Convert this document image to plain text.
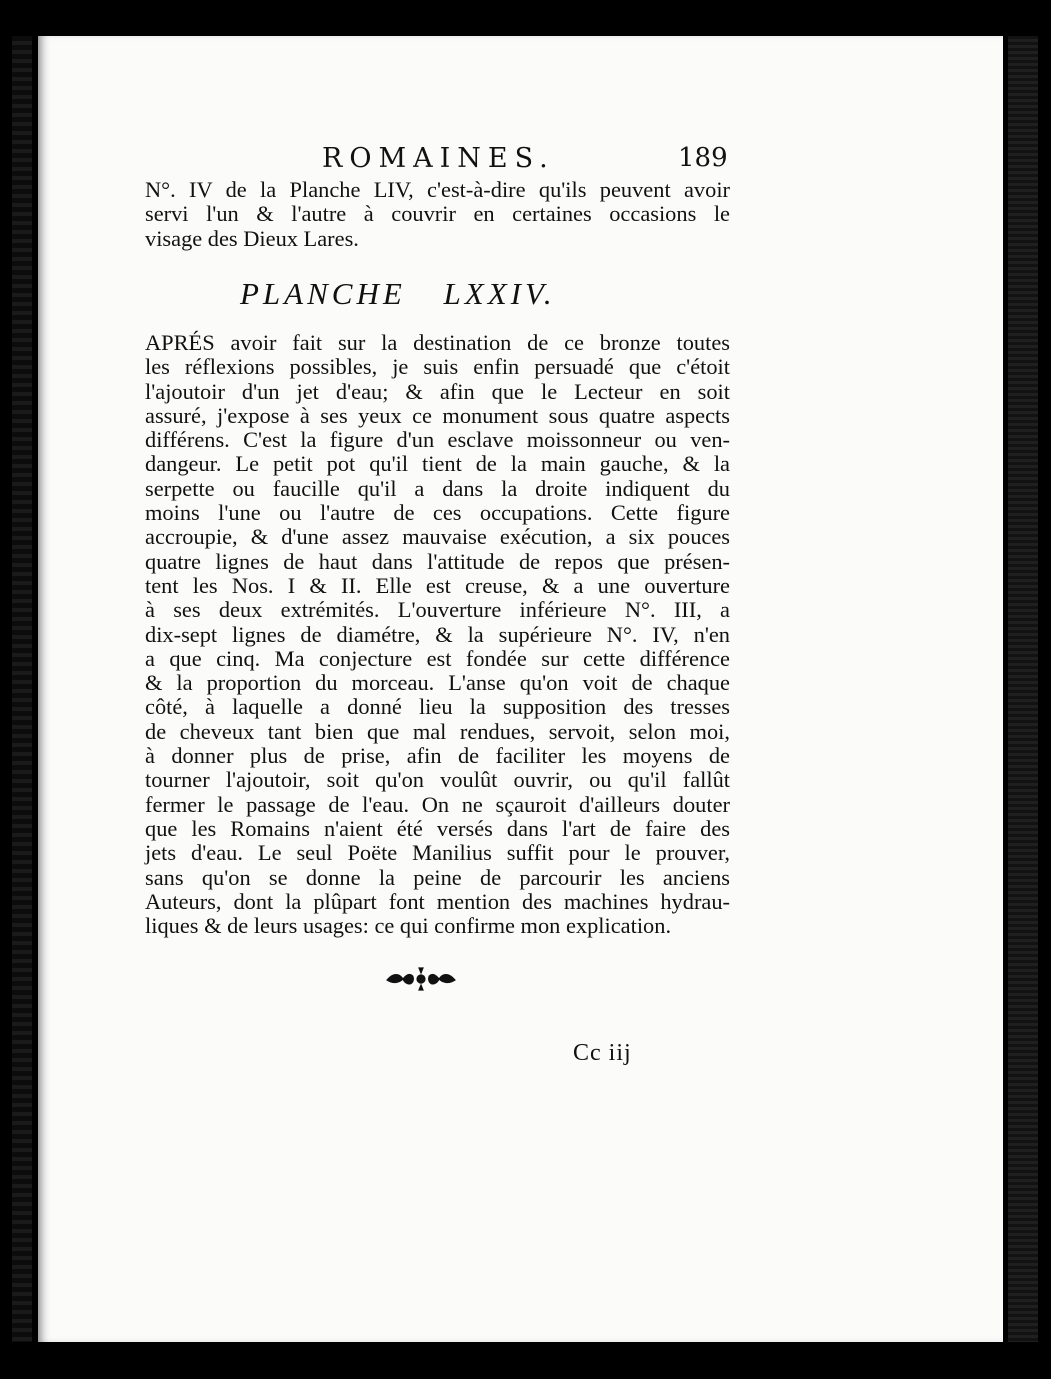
ROMAINES.	189
N°. IV de la Planche LIV, c'est-à-dire qu'ils peuvent avoir
servi l'un & l'autre à couvrir en certaines occasions le
visage des Dieux Lares.
PLANCHE LXXIV.
APRÉS avoir fait sur la destination de ce bronze toutes
les réflexions possibles, je suis enfin persuadé que c'étoit
l'ajoutoir d'un jet d'eau; & afin que le Lecteur en soit
assuré, j'expose à ses yeux ce monument sous quatre aspects
différens. C'est la figure d'un esclave moissonneur ou ven-
dangeur. Le petit pot qu'il tient de la main gauche, & la
serpette ou faucille qu'il a dans la droite indiquent du
moins l'une ou l'autre de ces occupations. Cette figure
accroupie, & d'une assez mauvaise exécution, a six pouces
quatre lignes de haut dans l'attitude de repos que présen-
tent les Nos. I & II. Elle est creuse, & a une ouverture
à ses deux extrémités. L'ouverture inférieure N°. III, a
dix-sept lignes de diamétre, & la supérieure N°. IV, n'en
a que cinq. Ma conjecture est fondée sur cette différence
& la proportion du morceau. L'anse qu'on voit de chaque
côté, à laquelle a donné lieu la supposition des tresses
de cheveux tant bien que mal rendues, servoit, selon moi,
à donner plus de prise, afin de faciliter les moyens de
tourner l'ajoutoir, soit qu'on voulût ouvrir, ou qu'il fallût
fermer le passage de l'eau. On ne sçauroit d'ailleurs douter
que les Romains n'aient été versés dans l'art de faire des
jets d'eau. Le seul Poëte Manilius suffit pour le prouver,
sans qu'on se donne la peine de parcourir les anciens
Auteurs, dont la plûpart font mention des machines hydrau-
liques & de leurs usages: ce qui confirme mon explication.
Cc iij
